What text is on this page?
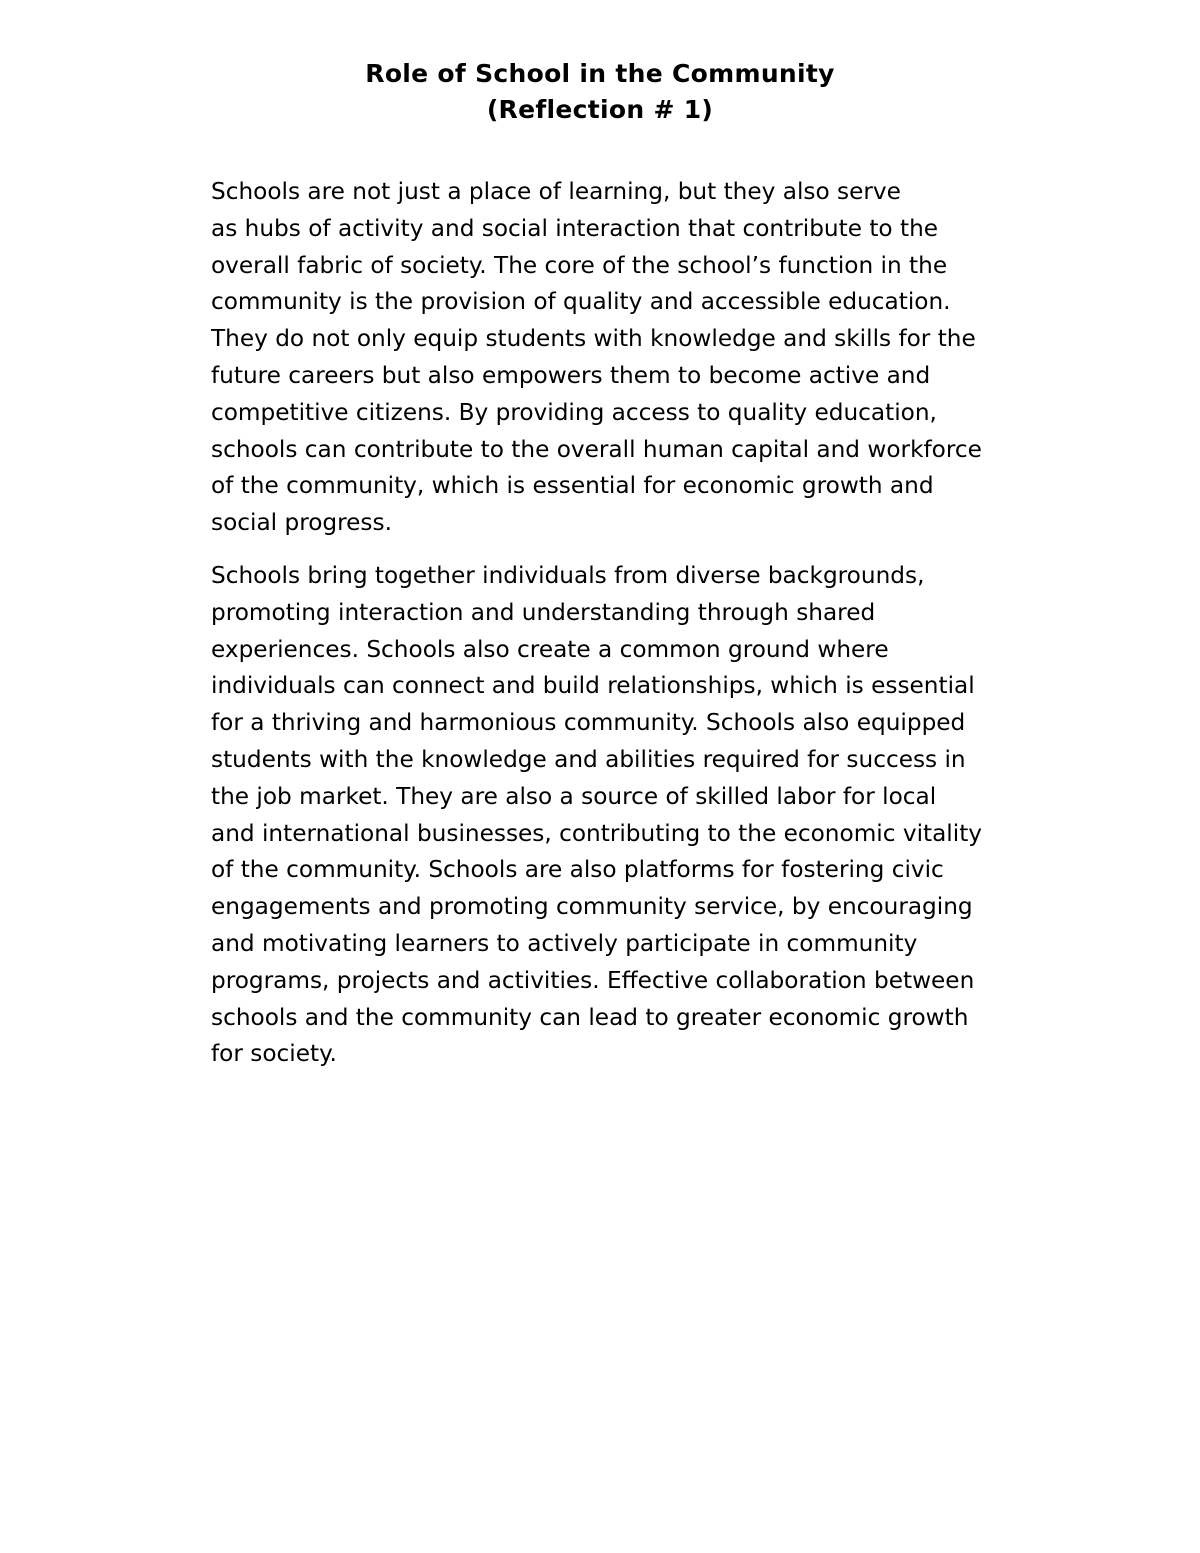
Role of School in the Community
(Reflection # 1)

Schools are not just a place of learning, but they also serve
as hubs of activity and social interaction that contribute to the
overall fabric of society. The core of the school’s function in the
community is the provision of quality and accessible education.
They do not only equip students with knowledge and skills for the
future careers but also empowers them to become active and
competitive citizens. By providing access to quality education,
schools can contribute to the overall human capital and workforce
of the community, which is essential for economic growth and
social progress.

Schools bring together individuals from diverse backgrounds,
promoting interaction and understanding through shared
experiences. Schools also create a common ground where
individuals can connect and build relationships, which is essential
for a thriving and harmonious community. Schools also equipped
students with the knowledge and abilities required for success in
the job market. They are also a source of skilled labor for local
and international businesses, contributing to the economic vitality
of the community. Schools are also platforms for fostering civic
engagements and promoting community service, by encouraging
and motivating learners to actively participate in community
programs, projects and activities. Effective collaboration between
schools and the community can lead to greater economic growth
for society.
